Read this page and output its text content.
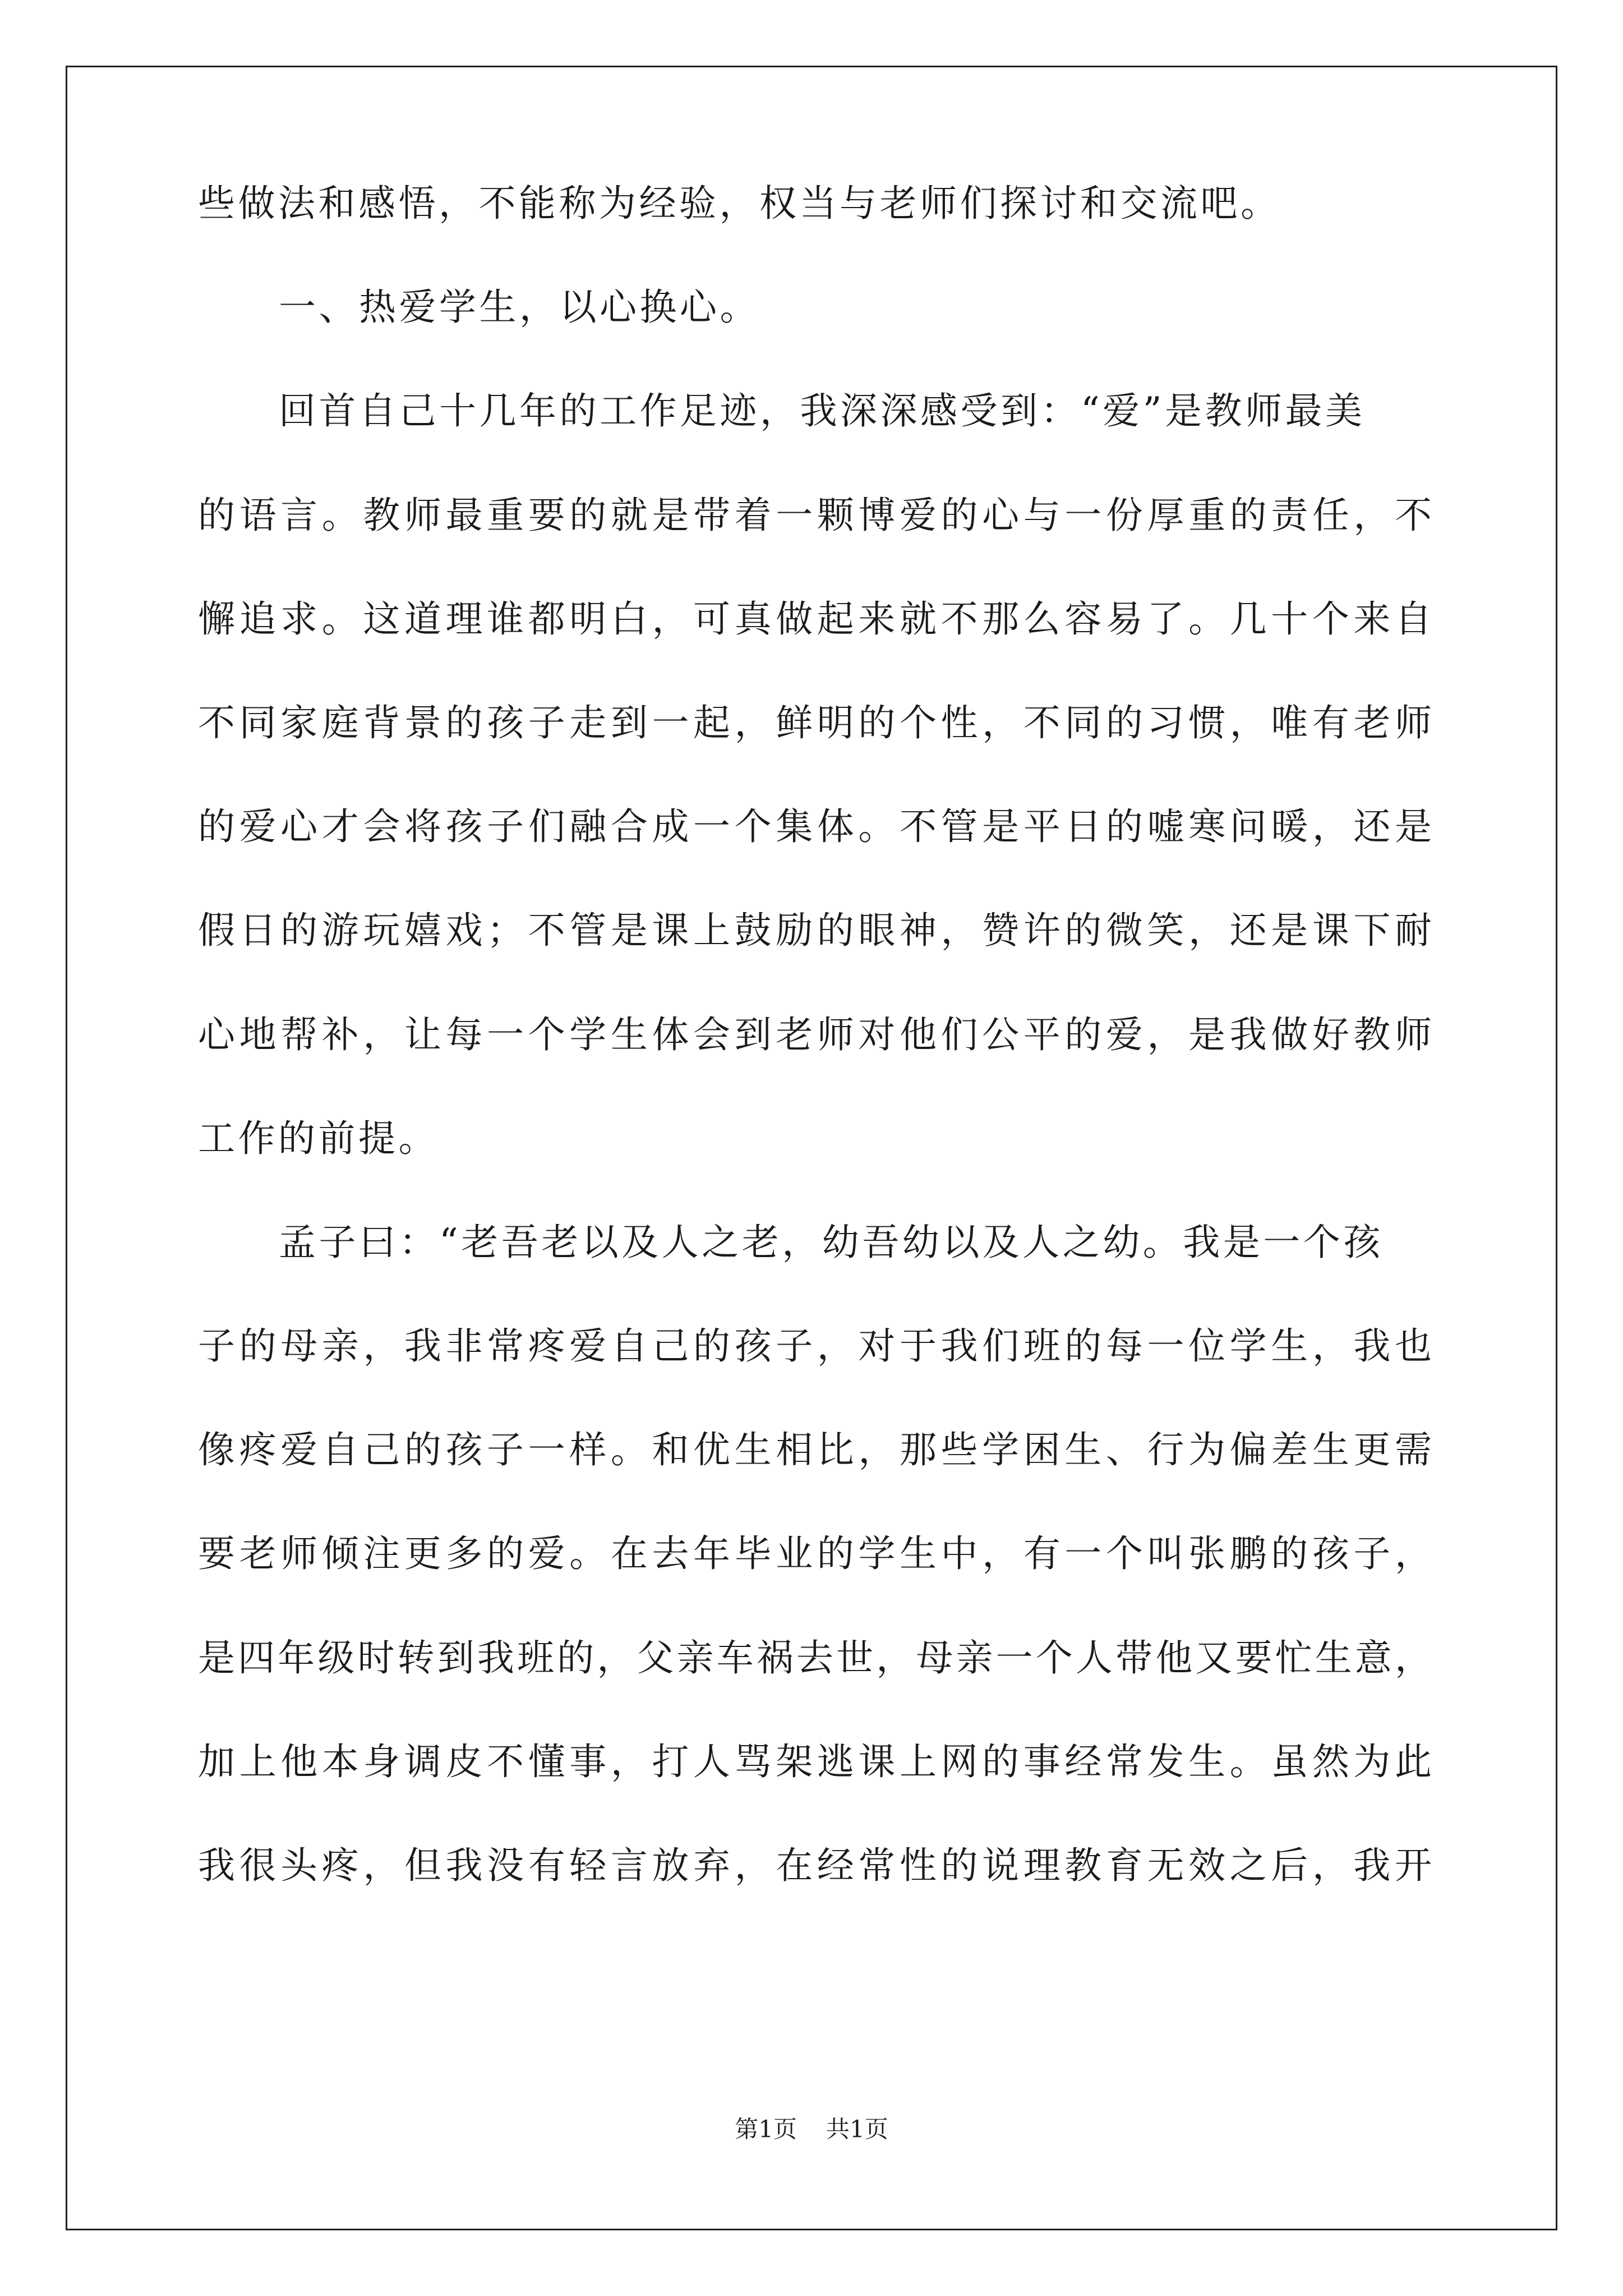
些做法和感悟，不能称为经验，权当与老师们探讨和交流吧。
一、热爱学生，以心换心。
回首自己十几年的工作足迹，我深深感受到：“爱”是教师最美
的语言。教师最重要的就是带着一颗博爱的心与一份厚重的责任，不
懈追求。这道理谁都明白，可真做起来就不那么容易了。几十个来自
不同家庭背景的孩子走到一起，鲜明的个性，不同的习惯，唯有老师
的爱心才会将孩子们融合成一个集体。不管是平日的嘘寒问暖，还是
假日的游玩嬉戏；不管是课上鼓励的眼神，赞许的微笑，还是课下耐
心地帮补，让每一个学生体会到老师对他们公平的爱，是我做好教师
工作的前提。
孟子曰：“老吾老以及人之老，幼吾幼以及人之幼。我是一个孩
子的母亲，我非常疼爱自己的孩子，对于我们班的每一位学生，我也
像疼爱自己的孩子一样。和优生相比，那些学困生、行为偏差生更需
要老师倾注更多的爱。在去年毕业的学生中，有一个叫张鹏的孩子，
是四年级时转到我班的，父亲车祸去世，母亲一个人带他又要忙生意，
加上他本身调皮不懂事，打人骂架逃课上网的事经常发生。虽然为此
我很头疼，但我没有轻言放弃，在经常性的说理教育无效之后，我开
第1页 共1页
